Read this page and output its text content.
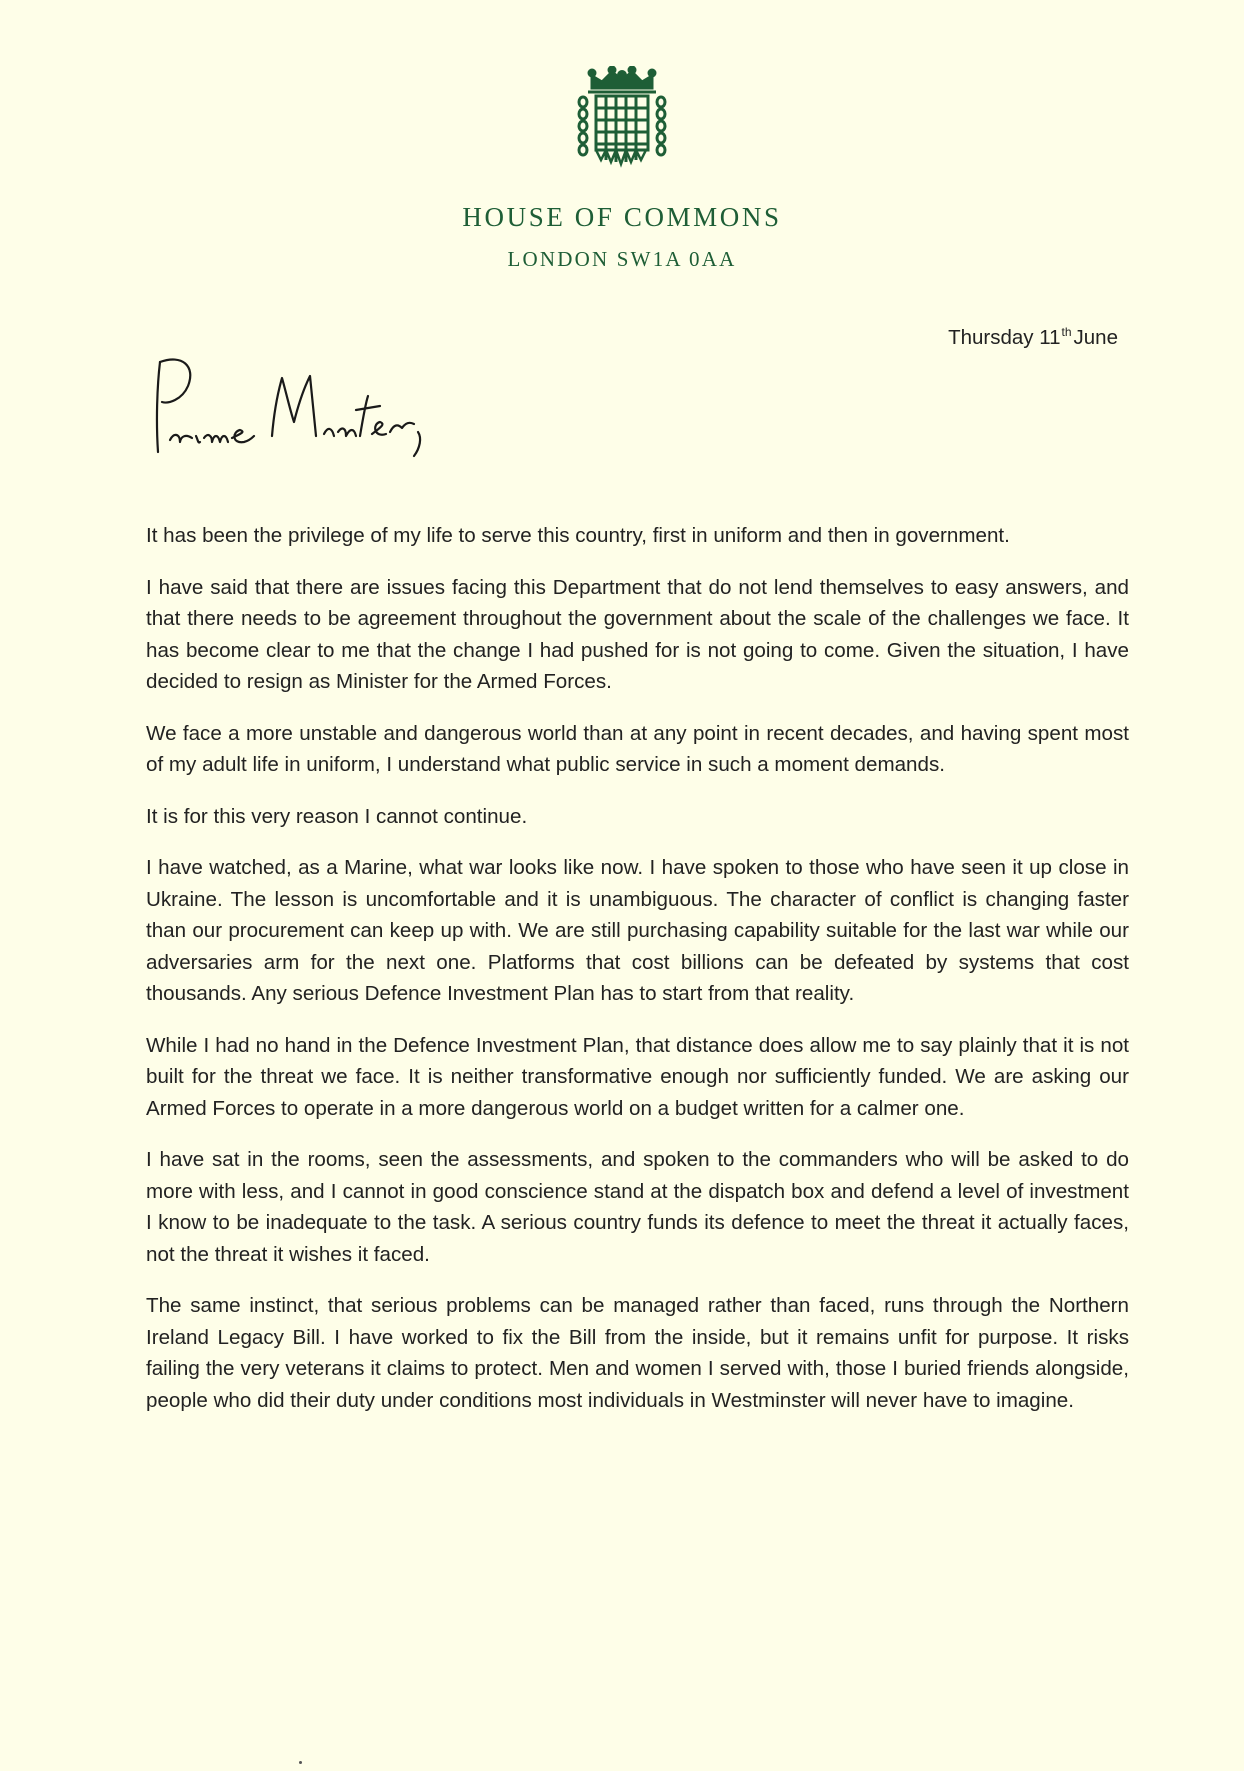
HOUSE OF COMMONS
LONDON SW1A 0AA
Thursday 11thJune

It has been the privilege of my life to serve this country, first in uniform and then in government.

I have said that there are issues facing this Department that do not lend themselves to easy answers, and that there needs to be agreement throughout the government about the scale of the challenges we face. It has become clear to me that the change I had pushed for is not going to come. Given the situation, I have decided to resign as Minister for the Armed Forces.

We face a more unstable and dangerous world than at any point in recent decades, and having spent most of my adult life in uniform, I understand what public service in such a moment demands.

It is for this very reason I cannot continue.

I have watched, as a Marine, what war looks like now. I have spoken to those who have seen it up close in Ukraine. The lesson is uncomfortable and it is unambiguous. The character of conflict is changing faster than our procurement can keep up with. We are still purchasing capability suitable for the last war while our adversaries arm for the next one. Platforms that cost billions can be defeated by systems that cost thousands. Any serious Defence Investment Plan has to start from that reality.

While I had no hand in the Defence Investment Plan, that distance does allow me to say plainly that it is not built for the threat we face. It is neither transformative enough nor sufficiently funded. We are asking our Armed Forces to operate in a more dangerous world on a budget written for a calmer one.

I have sat in the rooms, seen the assessments, and spoken to the commanders who will be asked to do more with less, and I cannot in good conscience stand at the dispatch box and defend a level of investment I know to be inadequate to the task. A serious country funds its defence to meet the threat it actually faces, not the threat it wishes it faced.

The same instinct, that serious problems can be managed rather than faced, runs through the Northern Ireland Legacy Bill. I have worked to fix the Bill from the inside, but it remains unfit for purpose. It risks failing the very veterans it claims to protect. Men and women I served with, those I buried friends alongside, people who did their duty under conditions most individuals in Westminster will never have to imagine.
